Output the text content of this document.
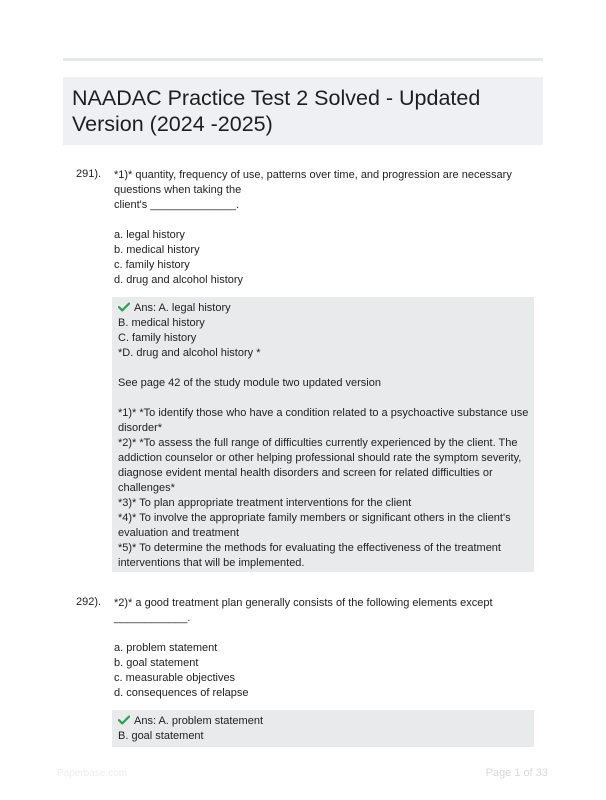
NAADAC Practice Test 2 Solved - Updated Version (2024 -2025)
291). *1)* quantity, frequency of use, patterns over time, and progression are necessary
questions when taking the
client's ______________.
a. legal history
b. medical history
c. family history
d. drug and alcohol history
Ans: A. legal history
B. medical history
C. family history
*D. drug and alcohol history *
See page 42 of the study module two updated version
*1)* *To identify those who have a condition related to a psychoactive substance use
disorder*
*2)* *To assess the full range of difficulties currently experienced by the client. The
addiction counselor or other helping professional should rate the symptom severity,
diagnose evident mental health disorders and screen for related difficulties or
challenges*
*3)* To plan appropriate treatment interventions for the client
*4)* To involve the appropriate family members or significant others in the client's
evaluation and treatment
*5)* To determine the methods for evaluating the effectiveness of the treatment
interventions that will be implemented.
292). *2)* a good treatment plan generally consists of the following elements except
____________.
a. problem statement
b. goal statement
c. measurable objectives
d. consequences of relapse
Ans: A. problem statement
B. goal statement
Paperbase.com	Page 1 of 33
